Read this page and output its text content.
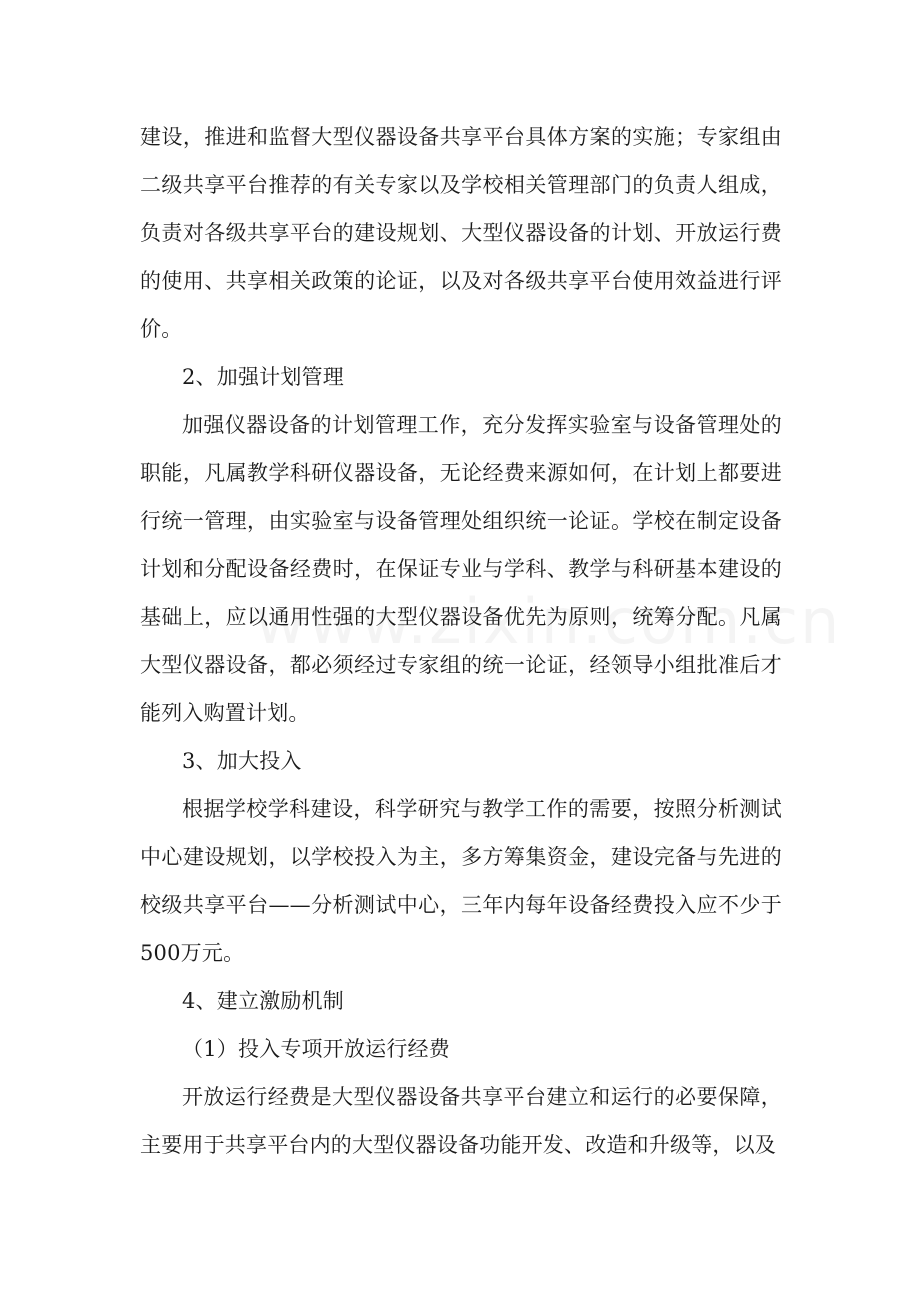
建设，推进和监督大型仪器设备共享平台具体方案的实施；专家组由二级共享平台推荐的有关专家以及学校相关管理部门的负责人组成，负责对各级共享平台的建设规划、大型仪器设备的计划、开放运行费的使用、共享相关政策的论证，以及对各级共享平台使用效益进行评价。

2、加强计划管理

加强仪器设备的计划管理工作，充分发挥实验室与设备管理处的职能，凡属教学科研仪器设备，无论经费来源如何，在计划上都要进行统一管理，由实验室与设备管理处组织统一论证。学校在制定设备计划和分配设备经费时，在保证专业与学科、教学与科研基本建设的基础上，应以通用性强的大型仪器设备优先为原则，统筹分配。凡属大型仪器设备，都必须经过专家组的统一论证，经领导小组批准后才能列入购置计划。

3、加大投入

根据学校学科建设，科学研究与教学工作的需要，按照分析测试中心建设规划，以学校投入为主，多方筹集资金，建设完备与先进的校级共享平台——分析测试中心，三年内每年设备经费投入应不少于500万元。

4、建立激励机制

（1）投入专项开放运行经费

开放运行经费是大型仪器设备共享平台建立和运行的必要保障，主要用于共享平台内的大型仪器设备功能开发、改造和升级等，以及
